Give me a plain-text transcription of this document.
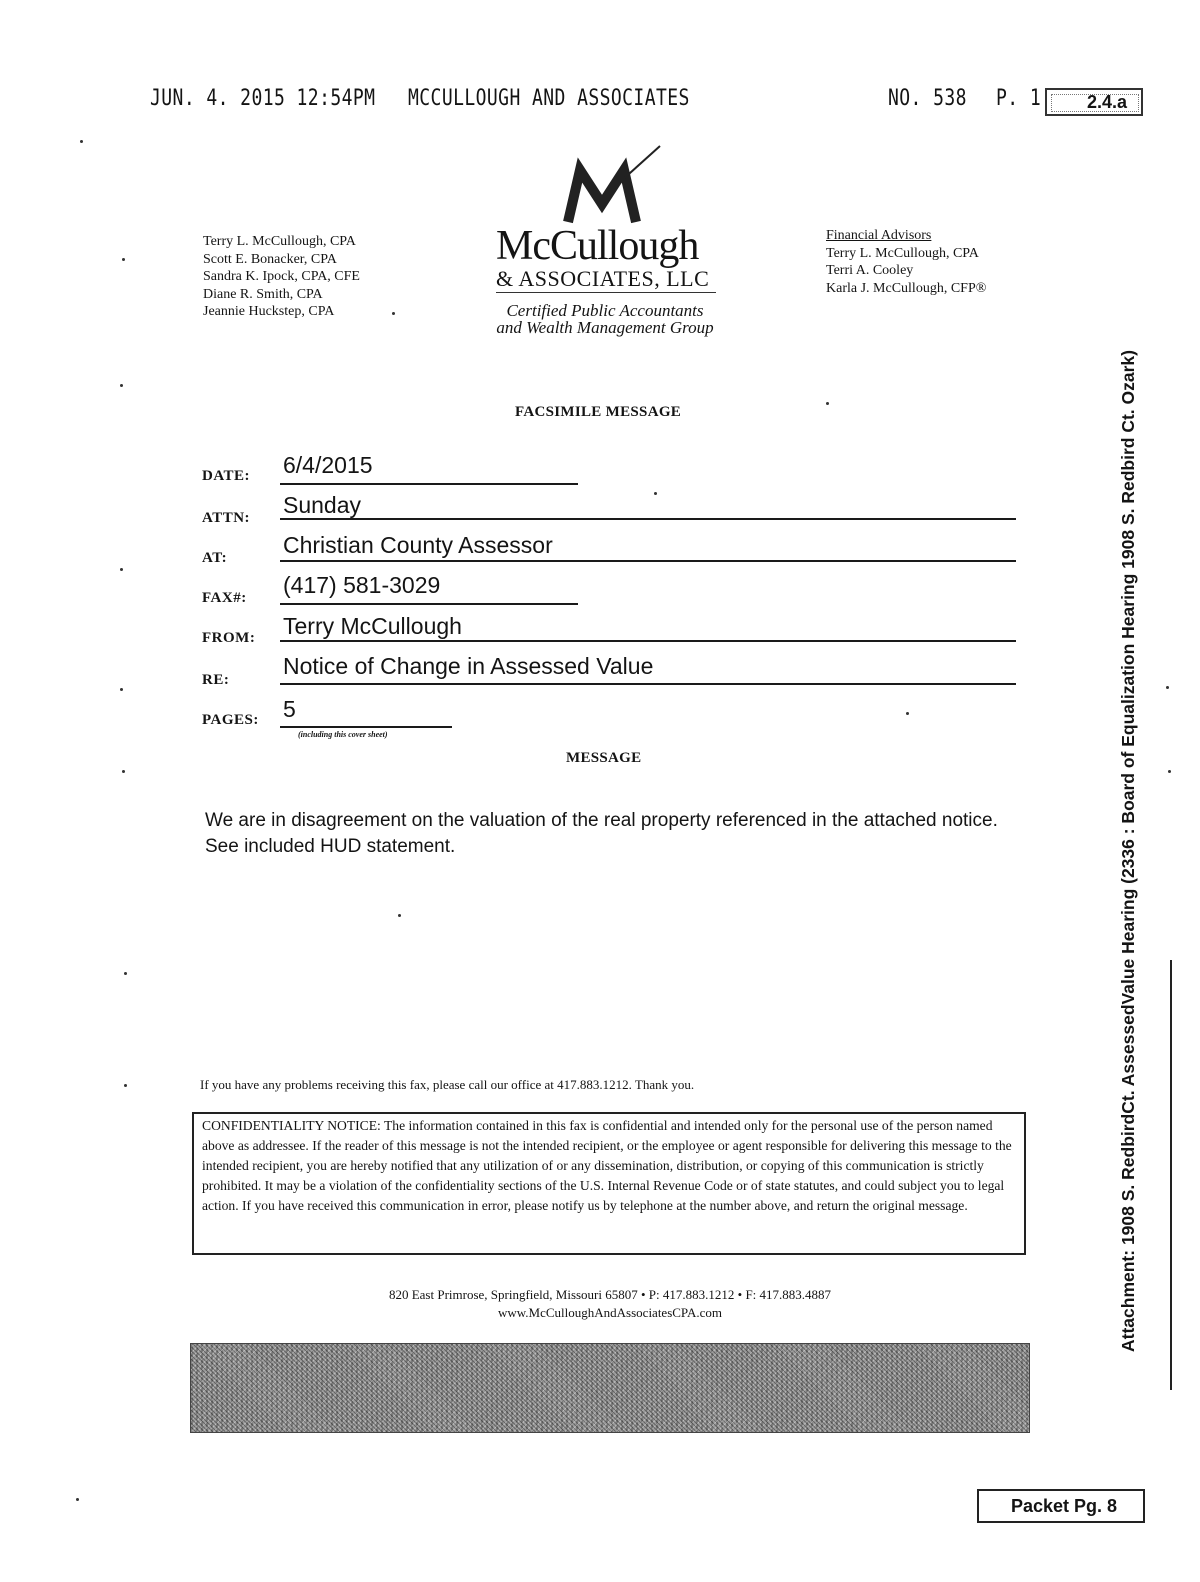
JUN. 4. 2015 12:54PM MCCULLOUGH AND ASSOCIATES	NO. 538 P. 1	2.4.a
Terry L. McCullough, CPA
Scott E. Bonacker, CPA
Sandra K. Ipock, CPA, CFE
Diane R. Smith, CPA
Jeannie Huckstep, CPA
McCullough
& ASSOCIATES, LLC
Certified Public Accountants
and Wealth Management Group
Financial Advisors
Terry L. McCullough, CPA
Terri A. Cooley
Karla J. McCullough, CFP®
FACSIMILE MESSAGE
DATE: 6/4/2015
ATTN: Sunday
AT: Christian County Assessor
FAX#: (417) 581-3029
FROM: Terry McCullough
RE:
Notice of Change in Assessed Value
PAGES: 5
(including this cover sheet)
MESSAGE
We are in disagreement on the valuation of the real property referenced in the attached notice. See included HUD statement.
If you have any problems receiving this fax, please call our office at 417.883.1212. Thank you.
CONFIDENTIALITY NOTICE: The information contained in this fax is confidential and intended only for the personal use of the person named above as addressee. If the reader of this message is not the intended recipient, or the employee or agent responsible for delivering this message to the intended recipient, you are hereby notified that any utilization of or any dissemination, distribution, or copying of this communication is strictly prohibited. It may be a violation of the confidentiality sections of the U.S. Internal Revenue Code or of state statutes, and could subject you to legal action. If you have received this communication in error, please notify us by telephone at the number above, and return the original message.
820 East Primrose, Springfield, Missouri 65807 • P: 417.883.1212 • F: 417.883.4887
www.McCulloughAndAssociatesCPA.com	Attachment: 1908 S. RedbirdCt. AssessedValue Hearing (2336 : Board of Equalization Hearing 1908 S. Redbird Ct. Ozark)
Packet Pg. 8
